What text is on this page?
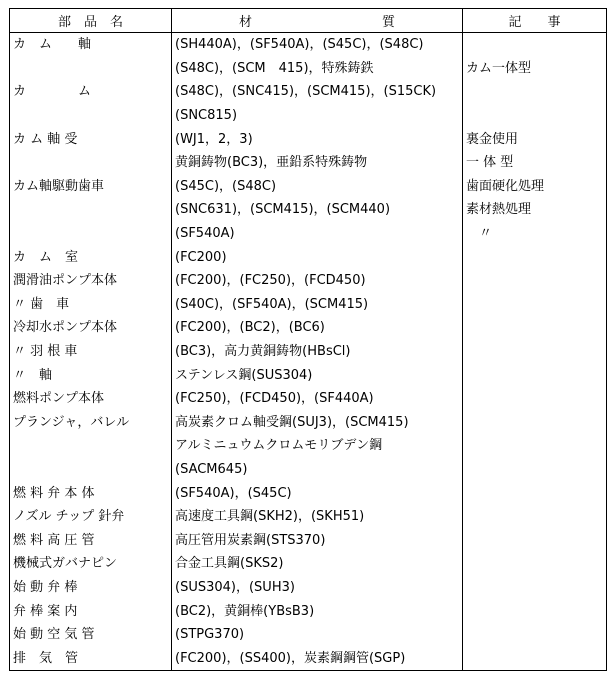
部　品　名	材　　　　　　　　　　質	記　　事
カ　ム　　軸	(SH440A)，(SF540A)，(S45C)，(S48C)	
	(S48C)，(SCM　415)，特殊鋳鉄	カム一体型
カ　　　　ム	(S48C)，(SNC415)，(SCM415)，(S15CK)	
	(SNC815)	
カ ム 軸 受	(WJ1，2，3)	裏金使用
	黄銅鋳物(BC3)，亜鉛系特殊鋳物	一 体 型
カム軸駆動歯車	(S45C)，(S48C)	歯面硬化処理
	(SNC631)，(SCM415)，(SCM440)	素材熱処理
	(SF540A)	　〃
カ　ム　室	(FC200)	
潤滑油ポンプ本体	(FC200)，(FC250)，(FCD450)	
〃 歯　車	(S40C)，(SF540A)，(SCM415)	
冷却水ポンプ本体	(FC200)，(BC2)，(BC6)	
〃 羽 根 車	(BC3)，高力黄銅鋳物(HBsCl)	
〃　軸	ステンレス鋼(SUS304)	
燃料ポンプ本体	(FC250)，(FCD450)，(SF440A)	
プランジャ，バレル	高炭素クロム軸受鋼(SUJ3)，(SCM415)	
	アルミニュウムクロムモリブデン鋼	
	(SACM645)	
燃 料 弁 本 体	(SF540A)，(S45C)	
ノズル チップ 針弁	高速度工具鋼(SKH2)，(SKH51)	
燃 料 高 圧 管	高圧管用炭素鋼(STS370)	
機械式ガバナピン	合金工具鋼(SKS2)	
始 動 弁 棒	(SUS304)，(SUH3)	
弁 棒 案 内	(BC2)，黄銅棒(YBsB3)	
始 動 空 気 管	(STPG370)	
排　気　管	(FC200)，(SS400)，炭素鋼鋼管(SGP)	
